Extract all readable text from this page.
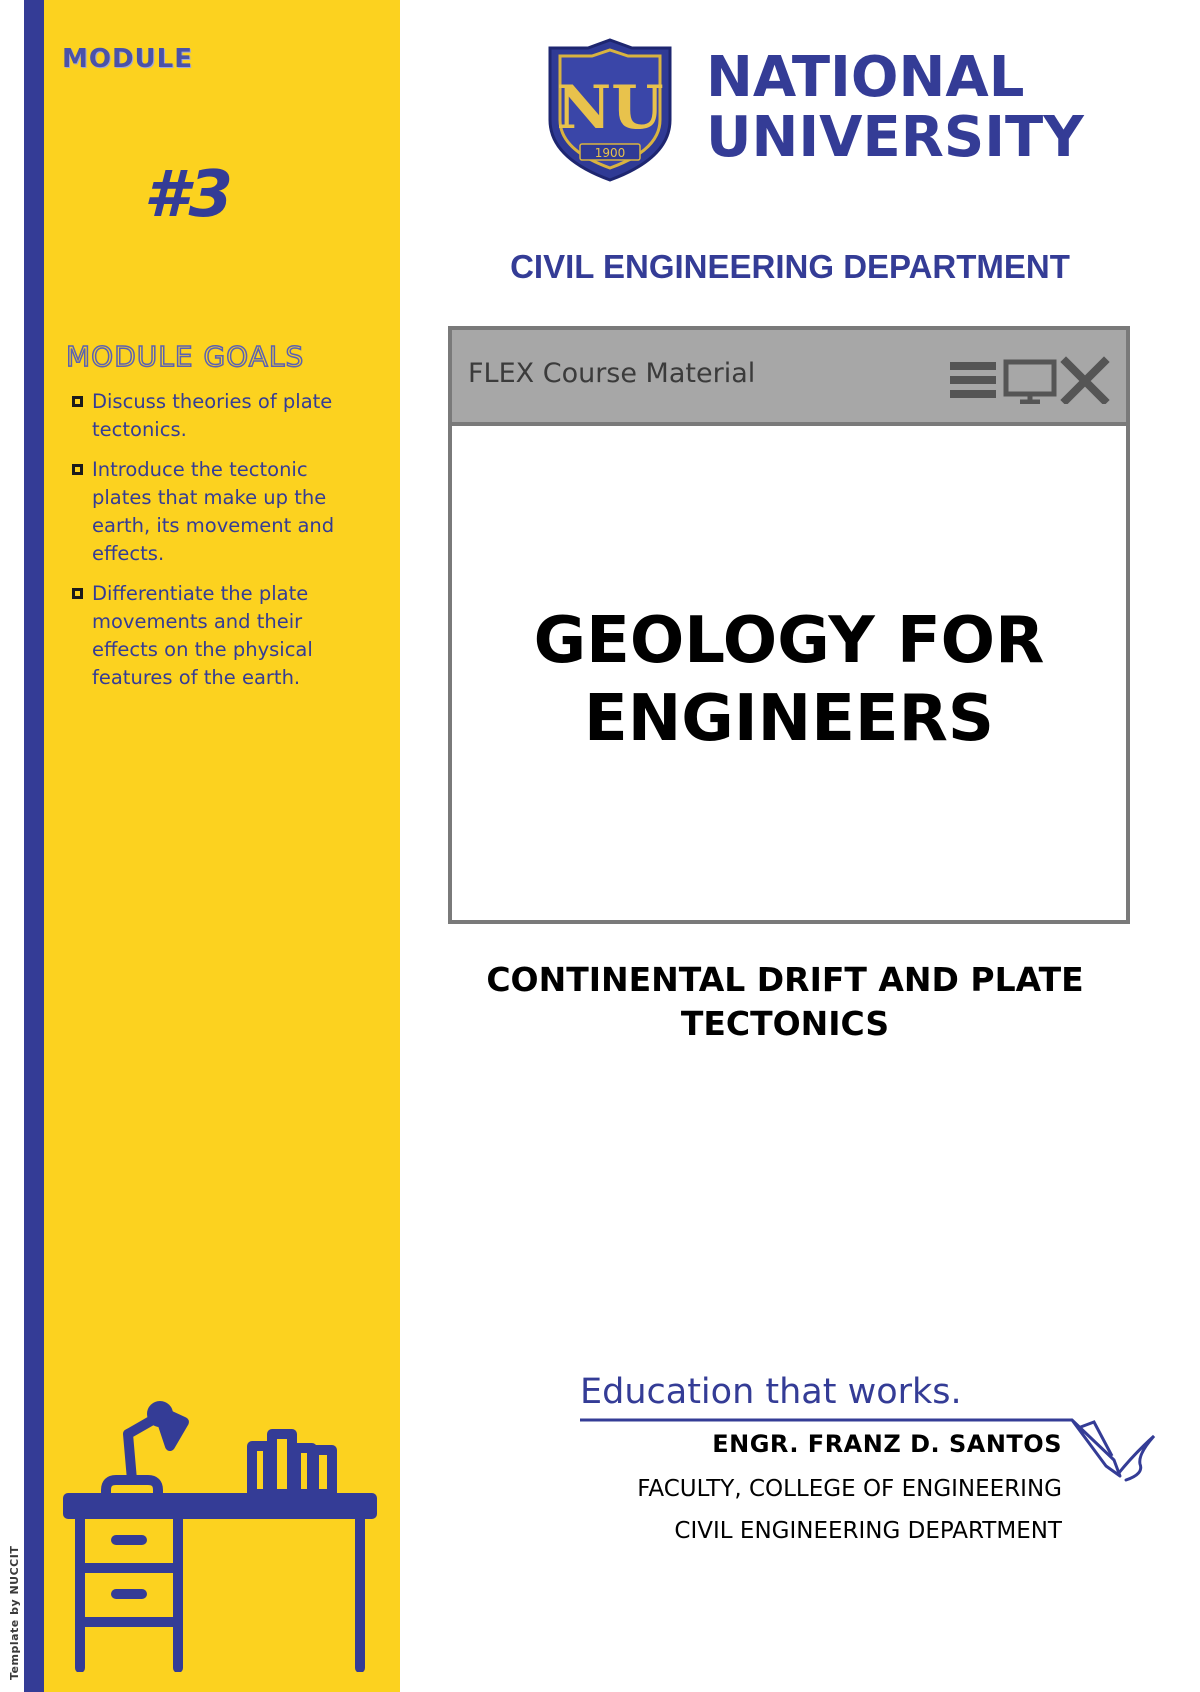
MODULE
#3
MODULE GOALS
Discuss theories of plate tectonics.
Introduce the tectonic plates that make up the earth, its movement and effects.
Differentiate the plate movements and their effects on the physical features of the earth.
Template by NUCCIT
NU
1900
NATIONAL
UNIVERSITY
CIVIL ENGINEERING DEPARTMENT
FLEX Course Material
GEOLOGY FOR
ENGINEERS
CONTINENTAL DRIFT AND PLATE
TECTONICS
Education that works.
ENGR. FRANZ D. SANTOS
FACULTY, COLLEGE OF ENGINEERING
CIVIL ENGINEERING DEPARTMENT
